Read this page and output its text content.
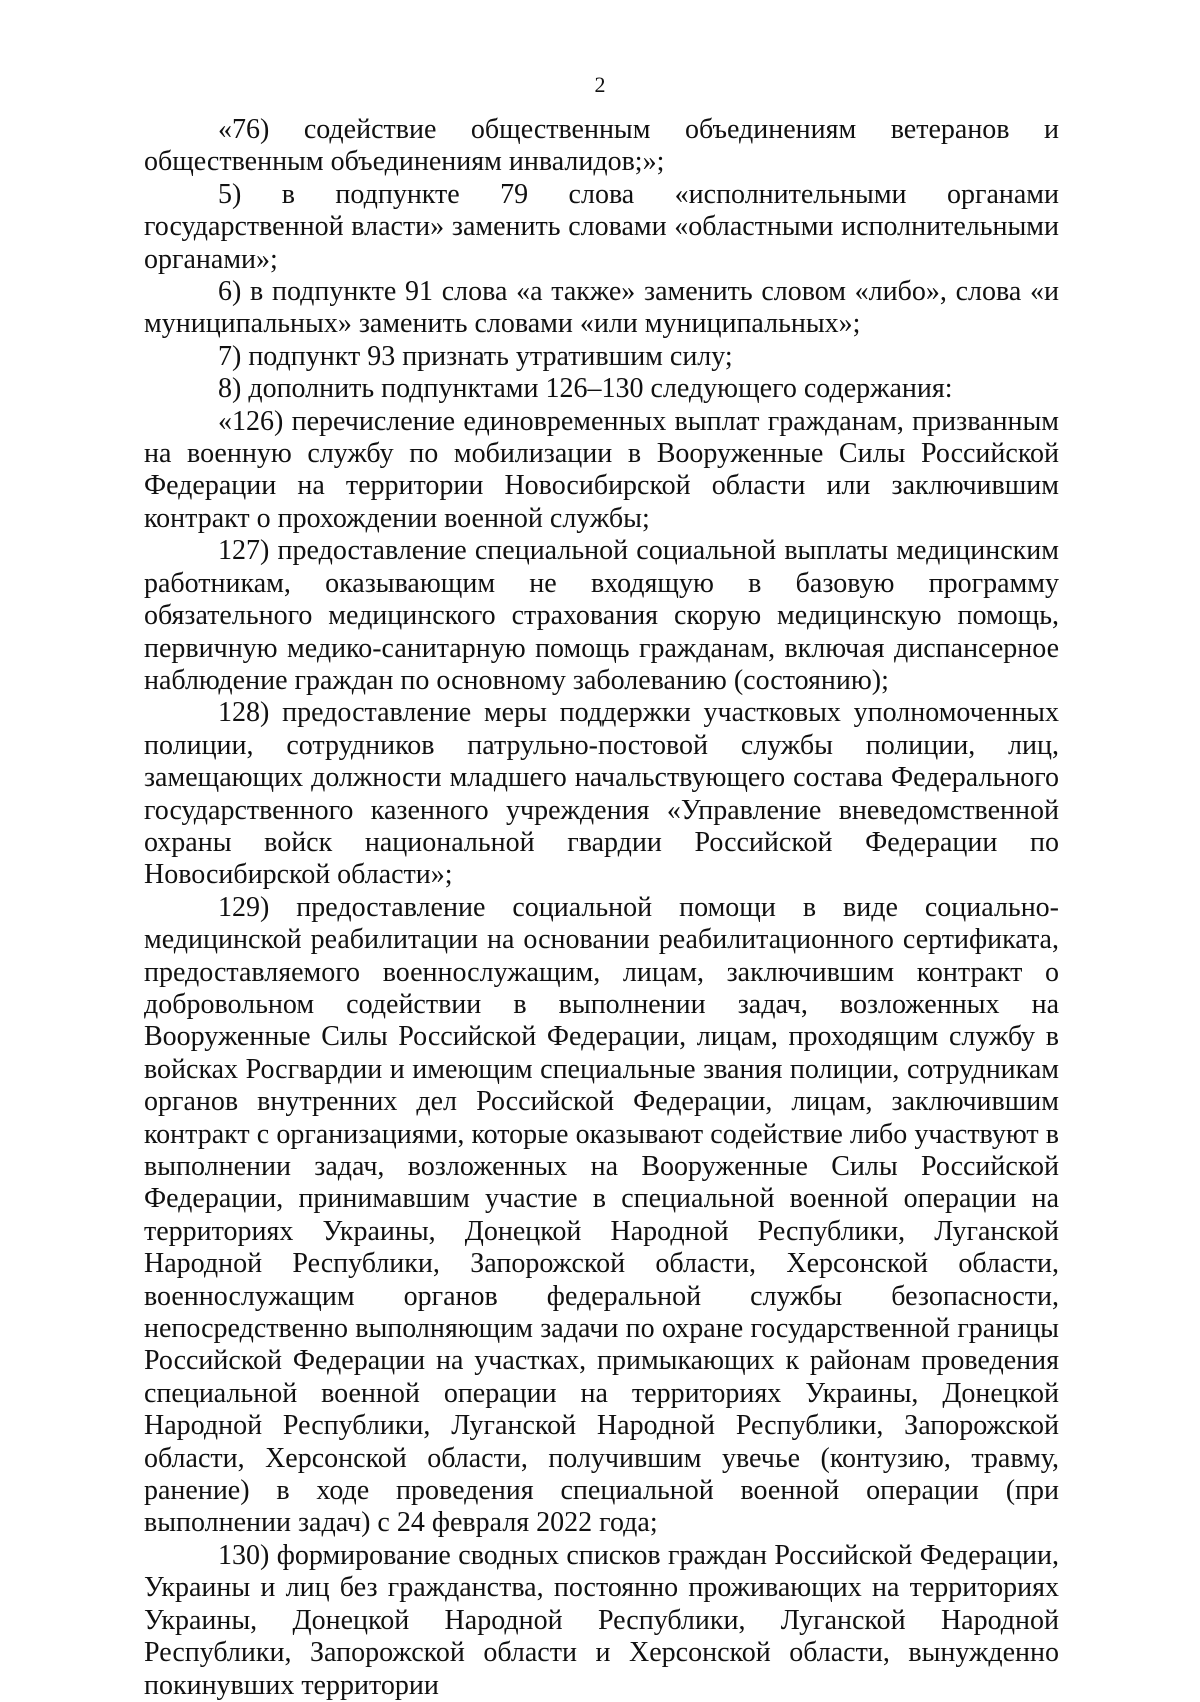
2

«76) содействие общественным объединениям ветеранов и общественным объединениям инвалидов;»;

5) в подпункте 79 слова «исполнительными органами государственной власти» заменить словами «областными исполнительными органами»;

6) в подпункте 91 слова «а также» заменить словом «либо», слова «и муниципальных» заменить словами «или муниципальных»;

7) подпункт 93 признать утратившим силу;

8) дополнить подпунктами 126–130 следующего содержания:

«126) перечисление единовременных выплат гражданам, призванным на военную службу по мобилизации в Вооруженные Силы Российской Федерации на территории Новосибирской области или заключившим контракт о прохождении военной службы;

127) предоставление специальной социальной выплаты медицинским работникам, оказывающим не входящую в базовую программу обязательного медицинского страхования скорую медицинскую помощь, первичную медико-санитарную помощь гражданам, включая диспансерное наблюдение граждан по основному заболеванию (состоянию);

128) предоставление меры поддержки участковых уполномоченных полиции, сотрудников патрульно-постовой службы полиции, лиц, замещающих должности младшего начальствующего состава Федерального государственного казенного учреждения «Управление вневедомственной охраны войск национальной гвардии Российской Федерации по Новосибирской области»;

129) предоставление социальной помощи в виде социально-медицинской реабилитации на основании реабилитационного сертификата, предоставляемого военнослужащим, лицам, заключившим контракт о добровольном содействии в выполнении задач, возложенных на Вооруженные Силы Российской Федерации, лицам, проходящим службу в войсках Росгвардии и имеющим специальные звания полиции, сотрудникам органов внутренних дел Российской Федерации, лицам, заключившим контракт с организациями, которые оказывают содействие либо участвуют в выполнении задач, возложенных на Вооруженные Силы Российской Федерации, принимавшим участие в специальной военной операции на территориях Украины, Донецкой Народной Республики, Луганской Народной Республики, Запорожской области, Херсонской области, военнослужащим органов федеральной службы безопасности, непосредственно выполняющим задачи по охране государственной границы Российской Федерации на участках, примыкающих к районам проведения специальной военной операции на территориях Украины, Донецкой Народной Республики, Луганской Народной Республики, Запорожской области, Херсонской области, получившим увечье (контузию, травму, ранение) в ходе проведения специальной военной операции (при выполнении задач) с 24 февраля 2022 года;

130) формирование сводных списков граждан Российской Федерации, Украины и лиц без гражданства, постоянно проживающих на территориях Украины, Донецкой Народной Республики, Луганской Народной Республики, Запорожской области и Херсонской области, вынужденно покинувших территории
